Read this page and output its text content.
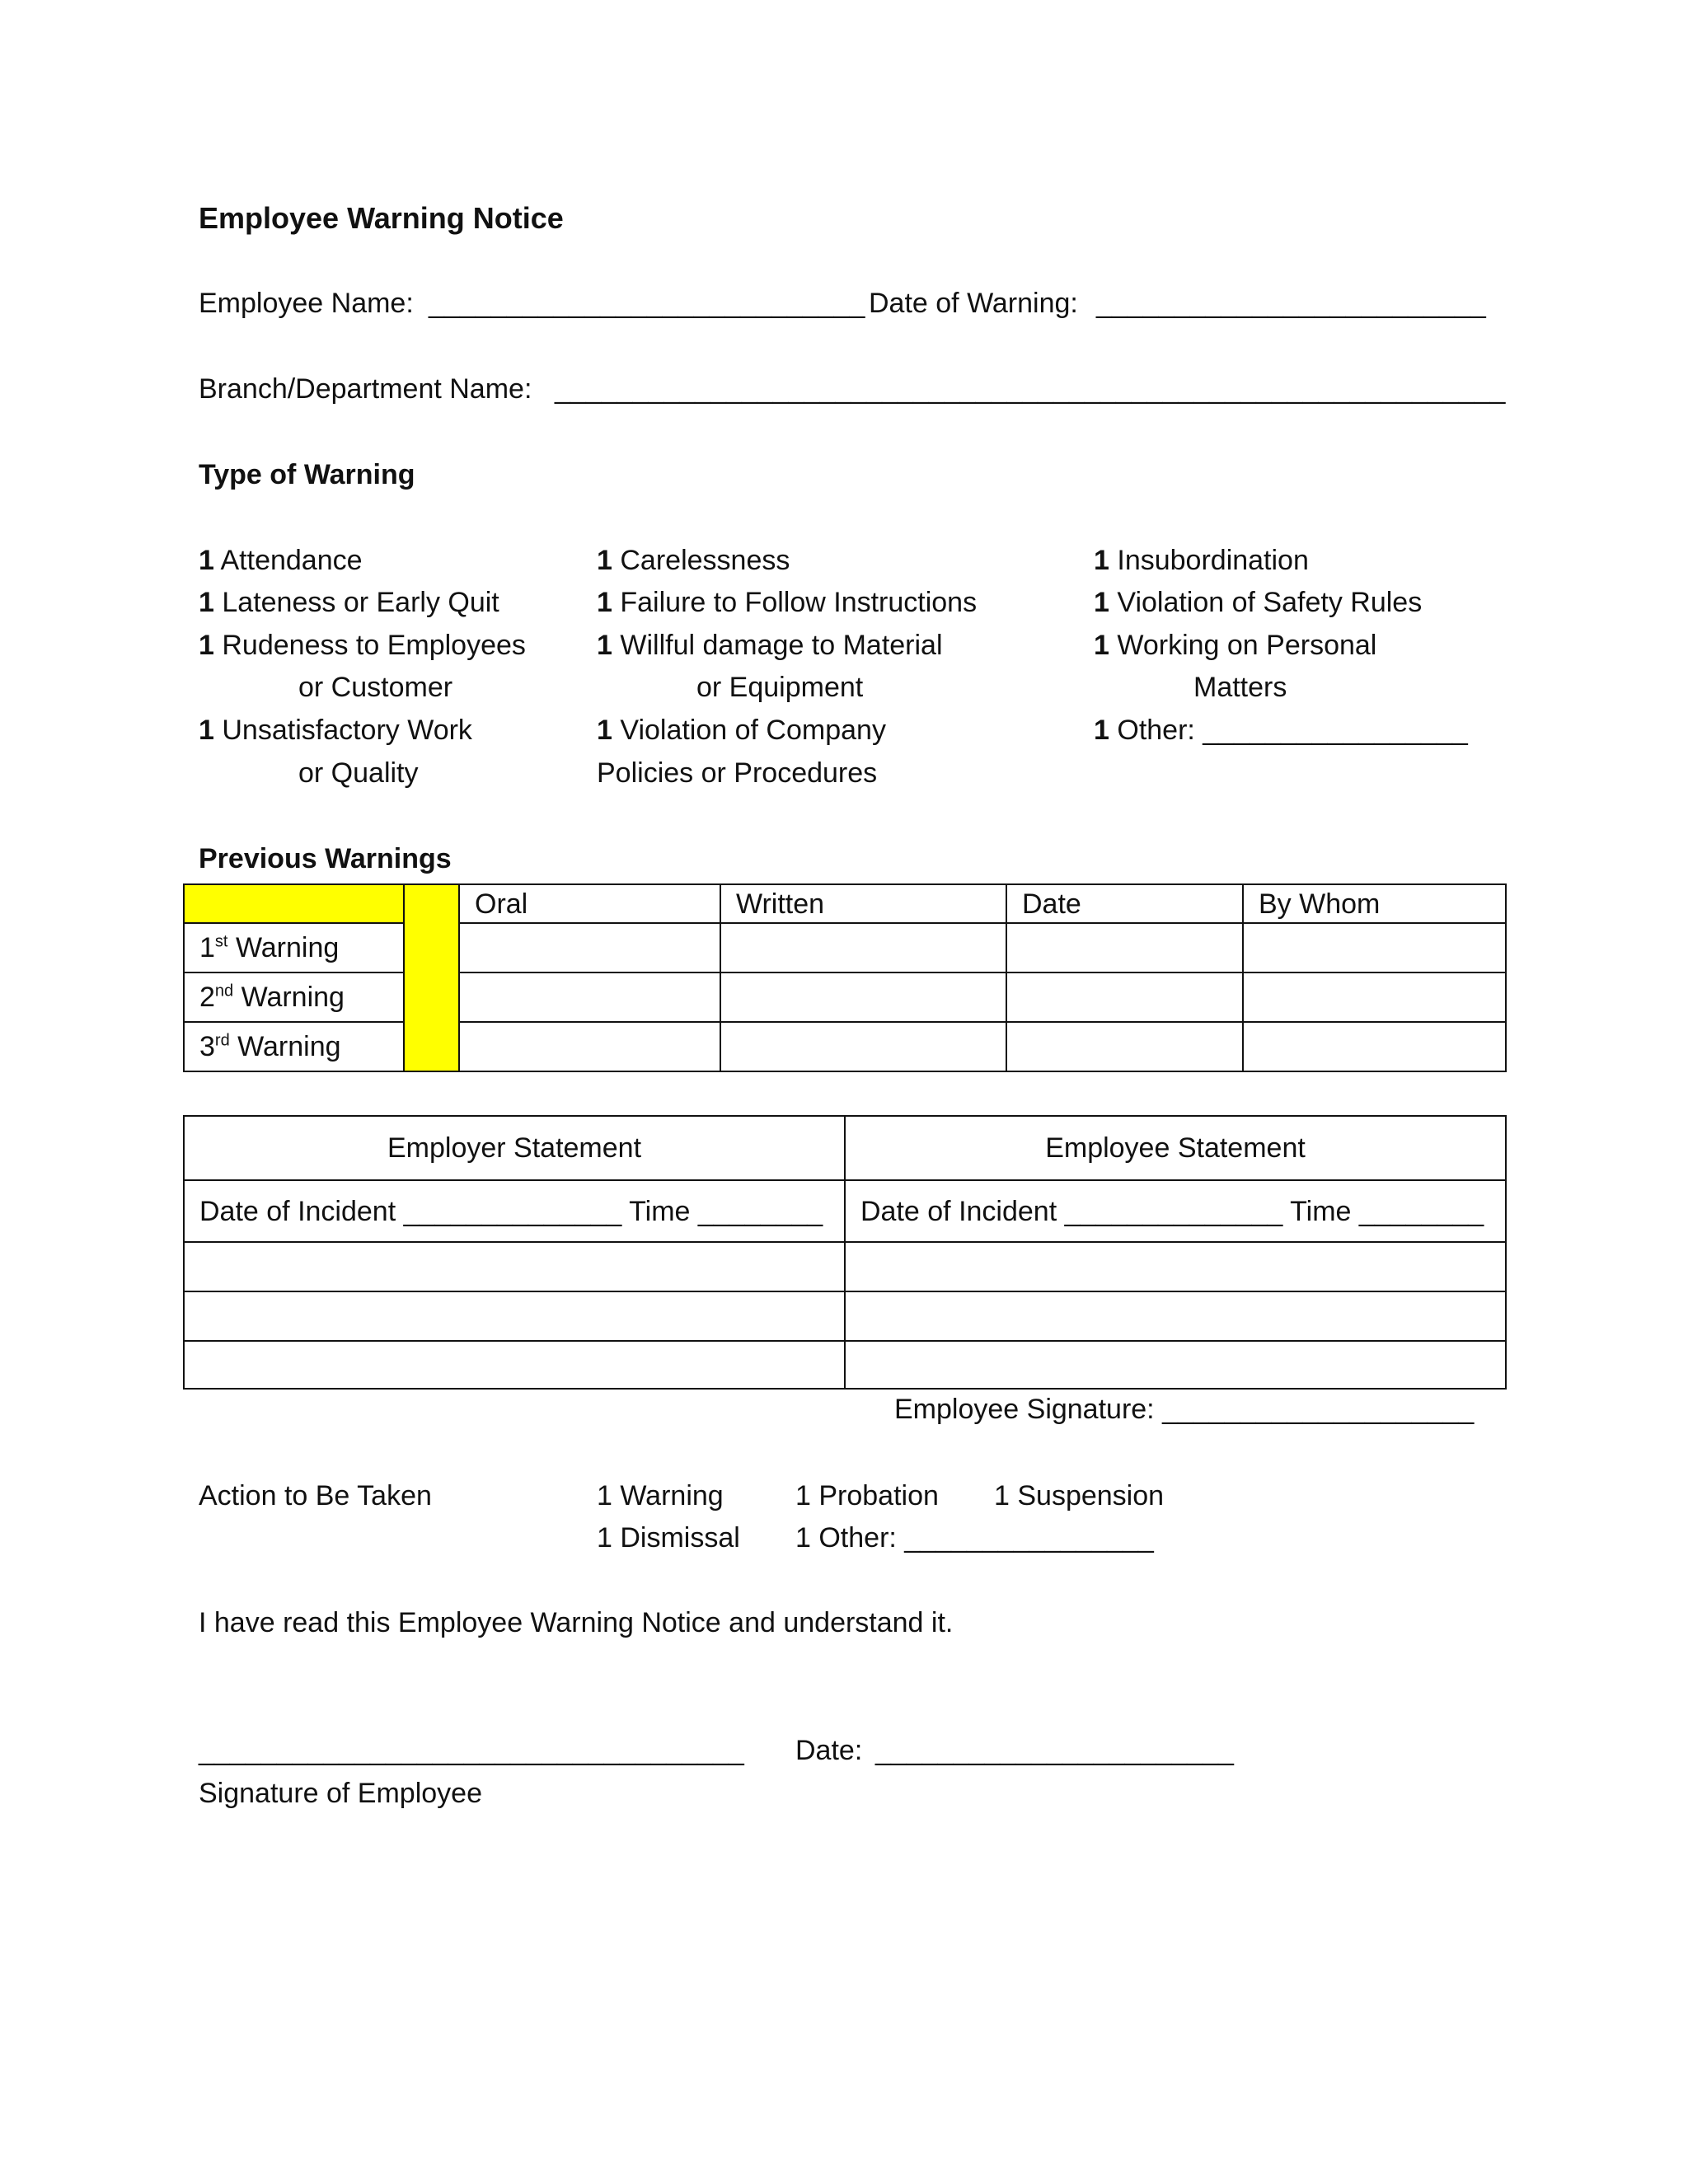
Employee Warning Notice
Employee Name: ____________________________ Date of Warning: _________________________
Branch/Department Name: _____________________________________________________________
Type of Warning
1 Attendance
1 Lateness or Early Quit
1 Rudeness to Employees
or Customer
1 Unsatisfactory Work
or Quality
1 Carelessness
1 Failure to Follow Instructions
1 Willful damage to Material
or Equipment
1 Violation of Company
Policies or Procedures
1 Insubordination
1 Violation of Safety Rules
1 Working on Personal
Matters
1 Other: _________________
Previous Warnings
		Oral	Written	Date	By Whom
1st Warning					
2nd Warning					
3rd Warning					
Employer Statement	Employee Statement
Date of Incident ______________ Time ________	Date of Incident ______________ Time ________

Employee Signature: ____________________
Action to Be Taken	1 Warning	1 Probation 1 Suspension
1 Dismissal 1 Other: ________________
I have read this Employee Warning Notice and understand it.
___________________________________ Date: _______________________
Signature of Employee
